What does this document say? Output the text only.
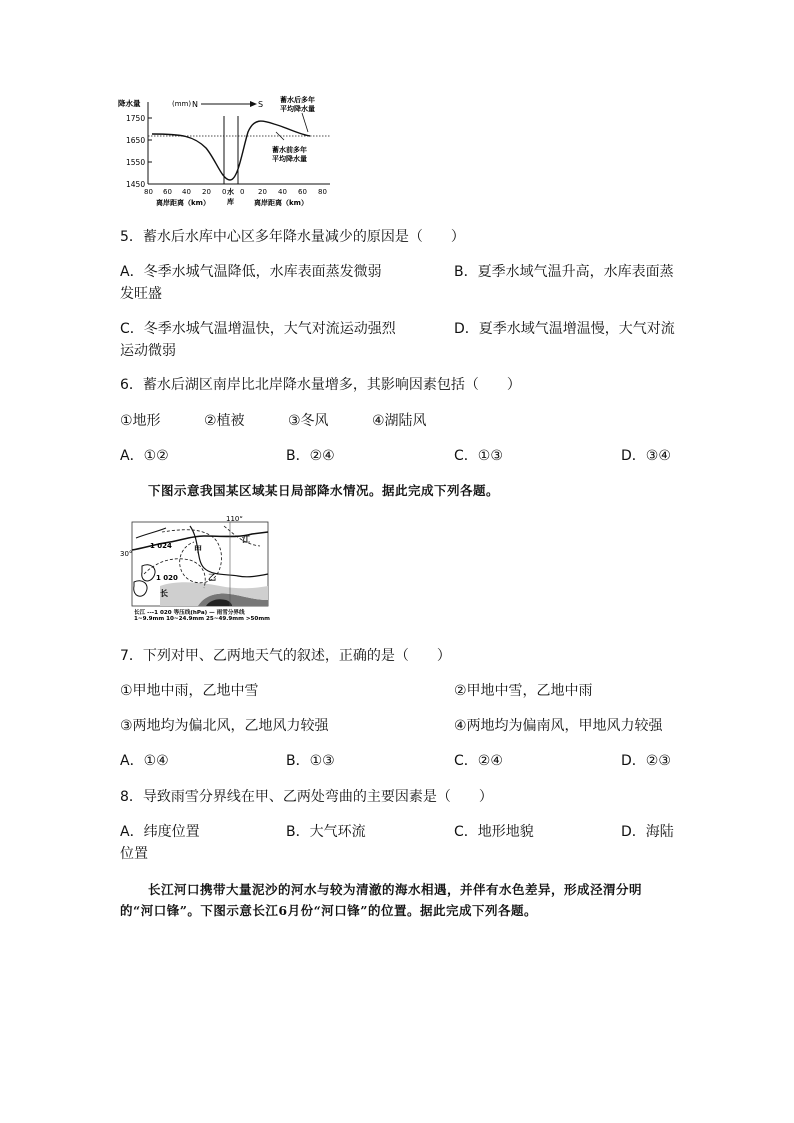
降水量	(mm) N	S 蓄水后多年
平均降水量
1750
1650
1550
1450
蓄水前多年
平均降水量
80 60 40 20 0 0 20 40 60 80
水
库
离岸距离（km）	离岸距离（km）
5．蓄水后水库中心区多年降水量减少的原因是（　　）
A．冬季水城气温降低，水库表面蒸发微弱	B．夏季水域气温升高，水库表面蒸
发旺盛
C．冬季水城气温增温快，大气对流运动强烈	D．夏季水域气温增温慢，大气对流
运动微弱
6．蓄水后湖区南岸比北岸降水量增多，其影响因素包括（　　）
①地形	②植被	③冬风	④湖陆风
A．①②	B．②④	C．①③	D．③④
下图示意我国某区域某日局部降水情况。据此完成下列各题。
110°
30°
1 024
1 020
甲
乙
江
长
长江 ---1 020 等压线(hPa) — 雨雪分界线
1~9.9mm 10~24.9mm 25~49.9mm >50mm
7．下列对甲、乙两地天气的叙述，正确的是（　　）
①甲地中雨，乙地中雪	②甲地中雪，乙地中雨
③两地均为偏北风，乙地风力较强	④两地均为偏南风，甲地风力较强
A．①④	B．①③	C．②④	D．②③
8．导致雨雪分界线在甲、乙两处弯曲的主要因素是（　　）
A．纬度位置	B．大气环流	C．地形地貌	D．海陆
位置
长江河口携带大量泥沙的河水与较为清澈的海水相遇，并伴有水色差异，形成泾渭分明
的“河口锋”。下图示意长江6月份“河口锋”的位置。据此完成下列各题。
